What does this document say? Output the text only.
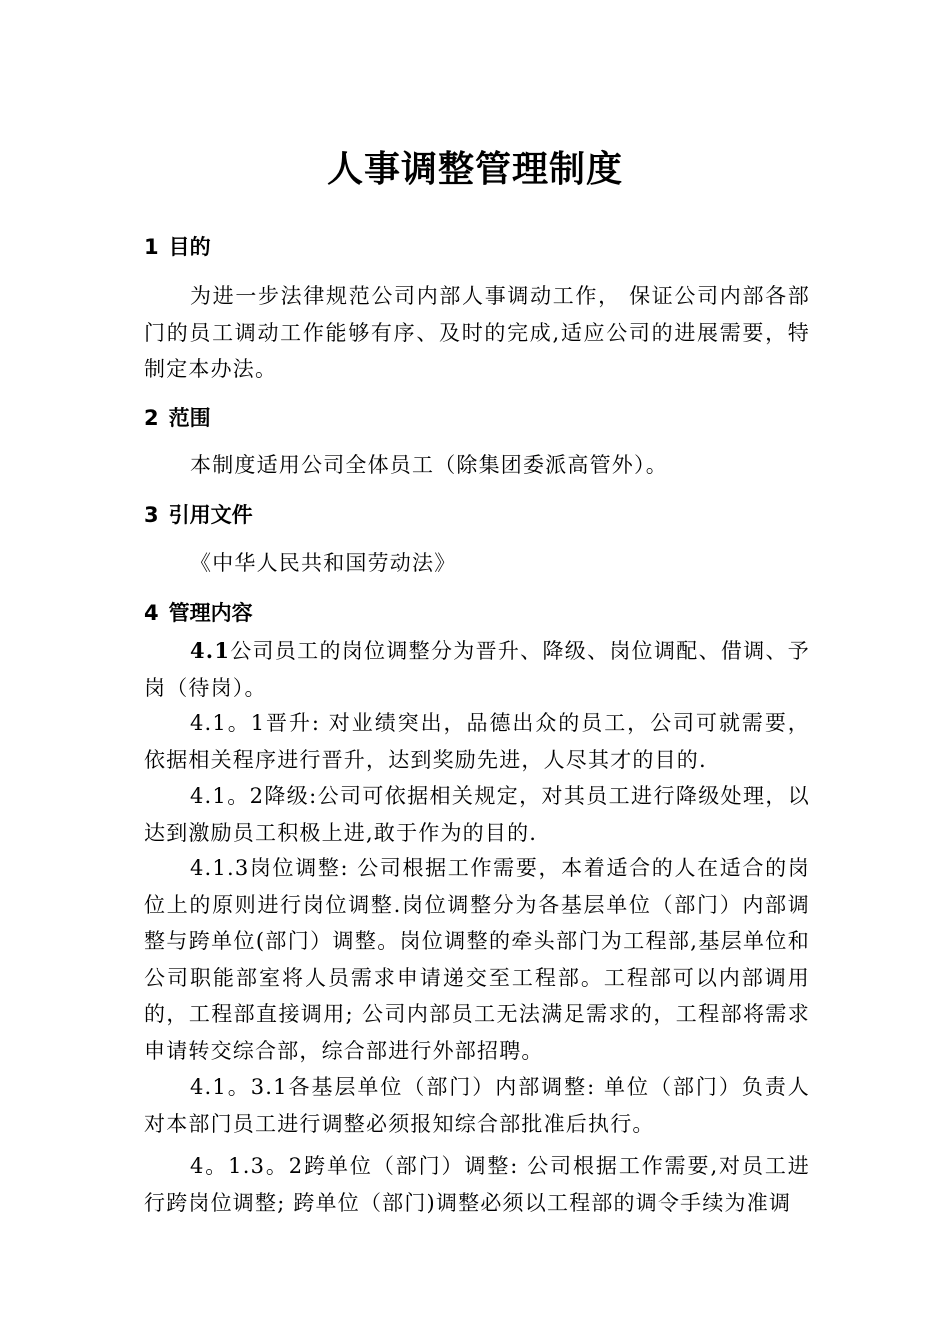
人事调整管理制度
1 目的

为进一步法律规范公司内部人事调动工作， 保证公司内部各部门的员工调动工作能够有序、及时的完成,适应公司的进展需要，特制定本办法。

2 范围

本制度适用公司全体员工（除集团委派高管外）。

3 引用文件

《中华人民共和国劳动法》

4 管理内容

4.1公司员工的岗位调整分为晋升、降级、岗位调配、借调、予岗（待岗）。

4.1。1晋升: 对业绩突出，品德出众的员工，公司可就需要，依据相关程序进行晋升，达到奖励先进，人尽其才的目的.

4.1。2降级:公司可依据相关规定，对其员工进行降级处理，以达到激励员工积极上进,敢于作为的目的.

4.1.3岗位调整: 公司根据工作需要，本着适合的人在适合的岗位上的原则进行岗位调整.岗位调整分为各基层单位（部门）内部调整与跨单位(部门）调整。岗位调整的牵头部门为工程部,基层单位和公司职能部室将人员需求申请递交至工程部。工程部可以内部调用的，工程部直接调用; 公司内部员工无法满足需求的，工程部将需求申请转交综合部，综合部进行外部招聘。

4.1。3.1各基层单位（部门）内部调整: 单位（部门）负责人对本部门员工进行调整必须报知综合部批准后执行。

4。1.3。2跨单位（部门）调整: 公司根据工作需要,对员工进行跨岗位调整; 跨单位（部门)调整必须以工程部的调令手续为准调
